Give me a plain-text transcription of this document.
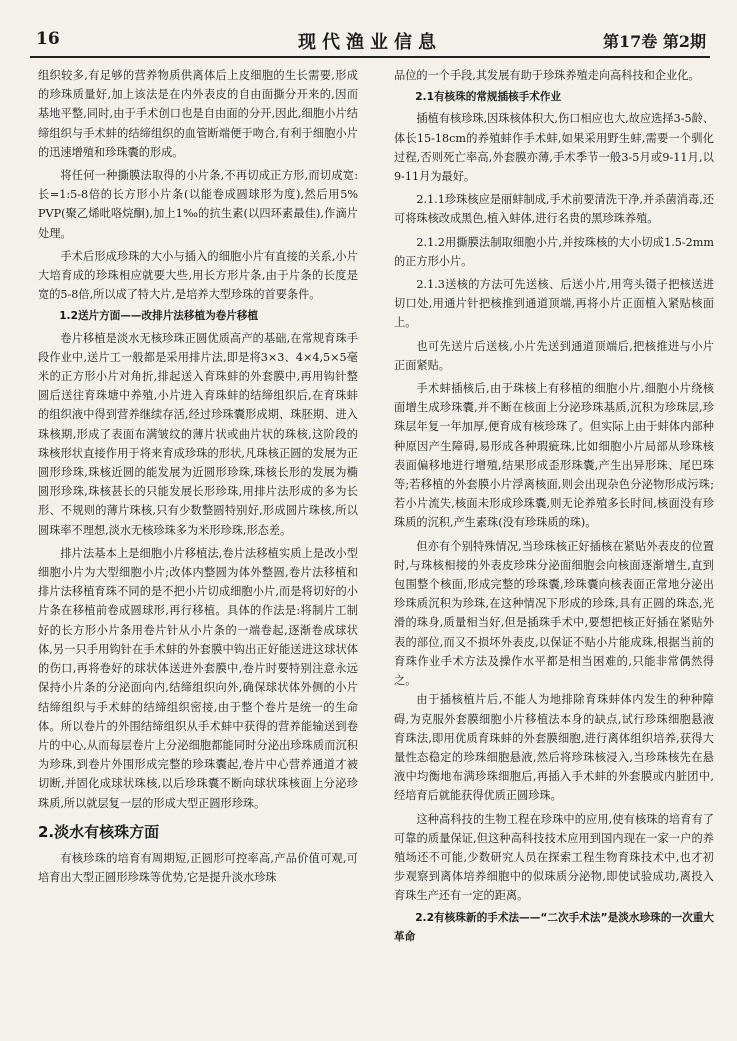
16	现代渔业信息	第17卷 第2期

组织较多,有足够的营养物质供离体后上皮细胞的生长需要,形成的珍珠质量好,加上该法是在内外表皮的自由面撕分开来的,因而基地平整,同时,由于手术创口也是自由面的分开,因此,细胞小片结缔组织与手术蚌的结缔组织的血管断端便于吻合,有利于细胞小片的迅速增殖和珍珠囊的形成。

将任何一种撕膜法取得的小片条,不再切成正方形,而切成宽:长=1:5-8倍的长方形小片条(以能卷成圆球形为度),然后用5% PVP(聚乙烯吡咯烷酮),加上1‰的抗生素(以四环素最佳),作滴片处理。

手术后形成珍珠的大小与插入的细胞小片有直接的关系,小片大培育成的珍珠相应就要大些,用长方形片条,由于片条的长度是宽的5-8倍,所以成了特大片,是培养大型珍珠的首要条件。

1.2送片方面——改排片法移植为卷片移植

卷片移植是淡水无核珍珠正圆优质高产的基础,在常规育珠手段作业中,送片工一般都是采用排片法,即是将3×3、4×4,5×5毫米的正方形小片对角折,排起送入育珠蚌的外套膜中,再用钩针整圆后送往育珠塘中养殖,小片进入育珠蚌的结缔组织后,在育珠蚌的组织液中得到营养继续存活,经过珍珠囊形成期、珠胚期、进入珠核期,形成了表面布满皱纹的薄片状或曲片状的珠核,这阶段的珠核形状直接作用于将来育成珍珠的形状,凡珠核正圆的发展为正圆形珍珠,珠核近圆的能发展为近圆形珍珠,珠核长形的发展为椭圆形珍珠,珠核甚长的只能发展长形珍珠,用排片法形成的多为长形、不规则的薄片珠核,只有少数整圆特别好,形成圆片珠核,所以圆珠率不理想,淡水无核珍珠多为米形珍珠,形态差。

排片法基本上是细胞小片移植法,卷片法移植实质上是改小型细胞小片为大型细胞小片;改体内整圆为体外整圆,卷片法移植和排片法移植育珠不同的是不把小片切成细胞小片,而是将切好的小片条在移植前卷成圆球形,再行移植。具体的作法是:将制片工制好的长方形小片条用卷片针从小片条的一端卷起,逐渐卷成球状体,另一只手用钩针在手术蚌的外套膜中钩出正好能送进这球状体的伤口,再将卷好的球状体送进外套膜中,卷片时要特别注意永远保持小片条的分泌面向内,结缔组织向外,确保球状体外侧的小片结缔组织与手术蚌的结缔组织密接,由于整个卷片是统一的生命体。所以卷片的外围结缔组织从手术蚌中获得的营养能输送到卷片的中心,从而每层卷片上分泌细胞都能同时分泌出珍珠质而沉积为珍珠,到卷片外围形成完整的珍珠囊起,卷片中心营养通道才被切断,并固化成球状珠核,以后珍珠囊不断向球状珠核面上分泌珍珠质,所以就层复一层的形成大型正圆形珍珠。

2.淡水有核珠方面

有核珍珠的培育有周期短,正圆形可控率高,产品价值可观,可培育出大型正圆形珍珠等优势,它是提升淡水珍珠

品位的一个手段,其发展有助于珍珠养殖走向高科技和企业化。

2.1有核珠的常规插核手术作业

插植有核珍珠,因珠核体积大,伤口相应也大,故应选择3-5龄、体长15-18cm的养殖蚌作手术蚌,如果采用野生蚌,需要一个驯化过程,否则死亡率高,外套膜亦薄,手术季节一般3-5月或9-11月,以9-11月为最好。

2.1.1珍珠核应是丽蚌制成,手术前要清洗干净,并杀菌消毒,还可将珠核改成黑色,植入蚌体,进行名贵的黑珍珠养殖。

2.1.2用撕膜法制取细胞小片,并按珠核的大小切成1.5-2mm的正方形小片。

2.1.3送核的方法可先送核、后送小片,用弯头镊子把核送进切口处,用通片针把核推到通道顶端,再将小片正面植入紧贴核面上。

也可先送片后送核,小片先送到通道顶端后,把核推进与小片正面紧贴。

手术蚌插核后,由于珠核上有移植的细胞小片,细胞小片绕核面增生成珍珠囊,并不断在核面上分泌珍珠基质,沉积为珍珠层,珍珠层年复一年加厚,便育成有核珍珠了。但实际上由于蚌体内部种种原因产生障碍,易形成各种瑕疵珠,比如细胞小片局部从珍珠核表面偏移地进行增殖,结果形成歪形珠囊,产生出异形珠、尾巴珠等;若移植的外套膜小片浮离核面,则会出现杂色分泌物形成污珠;若小片流失,核面未形成珍珠囊,则无论养殖多长时间,核面没有珍珠质的沉积,产生素珠(没有珍珠质的珠)。

但亦有个别特殊情况,当珍珠核正好插核在紧贴外表皮的位置时,与珠核相接的外表皮珍珠分泌面细胞会向核面逐渐增生,直到包围整个核面,形成完整的珍珠囊,珍珠囊向核表面正常地分泌出珍珠质沉积为珍珠,在这种情况下形成的珍珠,具有正圆的珠态,光滑的珠身,质量相当好,但是插珠手术中,要想把核正好插在紧贴外表的部位,而又不损坏外表皮,以保证不贴小片能成珠,根据当前的育珠作业手术方法及操作水平都是相当困难的,只能非常偶然得之。

由于插核植片后,不能人为地排除育珠蚌体内发生的种种障碍,为克服外套膜细胞小片移植法本身的缺点,试行珍珠细胞悬液育珠法,即用优质育珠蚌的外套膜细胞,进行离体组织培养,获得大量性态稳定的珍珠细胞悬液,然后将珍珠核浸入,当珍珠核先在悬液中均衡地布满珍珠细胞后,再插入手术蚌的外套膜或内脏团中,经培育后就能获得优质正圆珍珠。

这种高科技的生物工程在珍珠中的应用,使有核珠的培育有了可靠的质量保证,但这种高科技技术应用到国内现在一家一户的养殖场还不可能,少数研究人员在探索工程生物育珠技术中,也才初步观察到离体培养细胞中的似珠质分泌物,即使试验成功,离投入育珠生产还有一定的距离。

2.2有核珠新的手术法——“二次手术法”是淡水珍珠的一次重大革命
